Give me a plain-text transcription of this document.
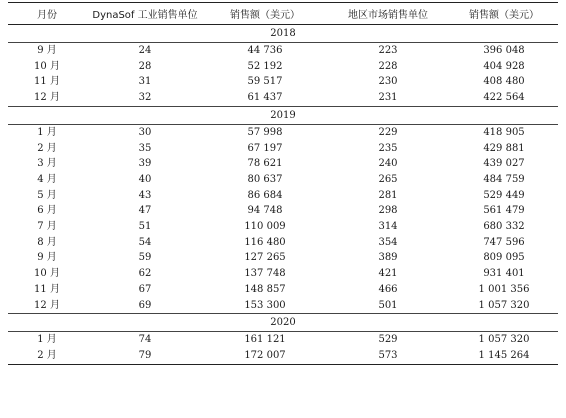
月份	DynaSof 工业销售单位	销售额（美元）	地区市场销售单位	销售额（美元）
2018				
9 月	24	44 736	223	396 048
10 月	28	52 192	228	404 928
11 月	31	59 517	230	408 480
12 月	32	61 437	231	422 564
2019				
1 月	30	57 998	229	418 905
2 月	35	67 197	235	429 881
3 月	39	78 621	240	439 027
4 月	40	80 637	265	484 759
5 月	43	86 684	281	529 449
6 月	47	94 748	298	561 479
7 月	51	110 009	314	680 332
8 月	54	116 480	354	747 596
9 月	59	127 265	389	809 095
10 月	62	137 748	421	931 401
11 月	67	148 857	466	1 001 356
12 月	69	153 300	501	1 057 320
2020				
1 月	74	161 121	529	1 057 320
2 月	79	172 007	573	1 145 264
